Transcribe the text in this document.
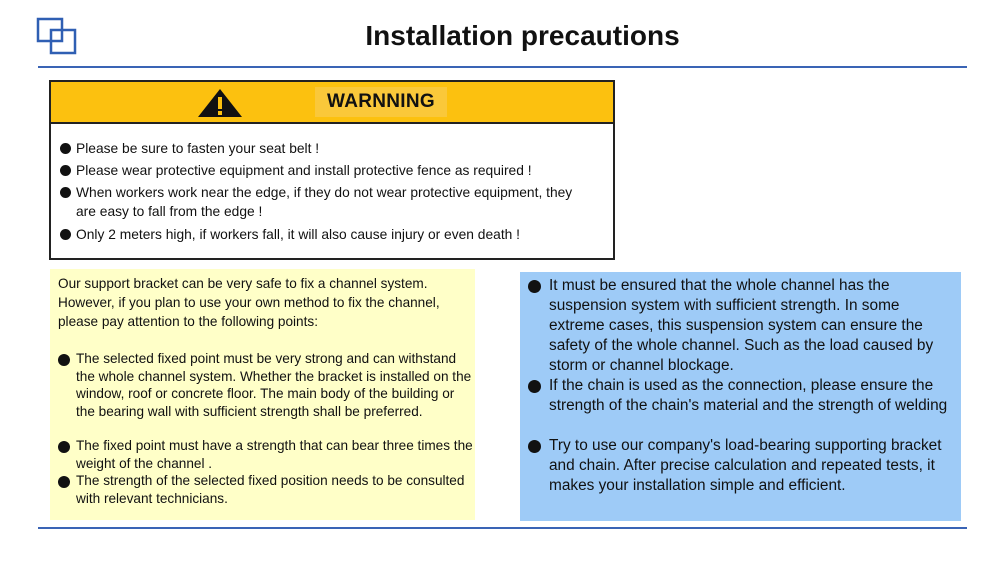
Installation precautions
WARNNING
Please be sure to fasten your seat belt !
Please wear protective equipment and install protective fence as required !
When workers work near the edge, if they do not wear protective equipment, they
are easy to fall from the edge !
Only 2 meters high, if workers fall, it will also cause injury or even death !
Our support bracket can be very safe to fix a channel system. However, if you plan to use your own method to fix the channel, please pay attention to the following points:
The selected fixed point must be very strong and can withstand the whole channel system. Whether the bracket is installed on the window, roof or concrete floor. The main body of the building or the bearing wall with sufficient strength shall be preferred.
The fixed point must have a strength that can bear three times the weight of the channel .
The strength of the selected fixed position needs to be consulted with relevant technicians.
It must be ensured that the whole channel has the suspension system with sufficient strength. In some extreme cases, this suspension system can ensure the safety of the whole channel. Such as the load caused by storm or channel blockage.
If the chain is used as the connection, please ensure the strength of the chain's material and the strength of welding
Try to use our company's load-bearing supporting bracket and chain. After precise calculation and repeated tests, it makes your installation simple and efficient.
